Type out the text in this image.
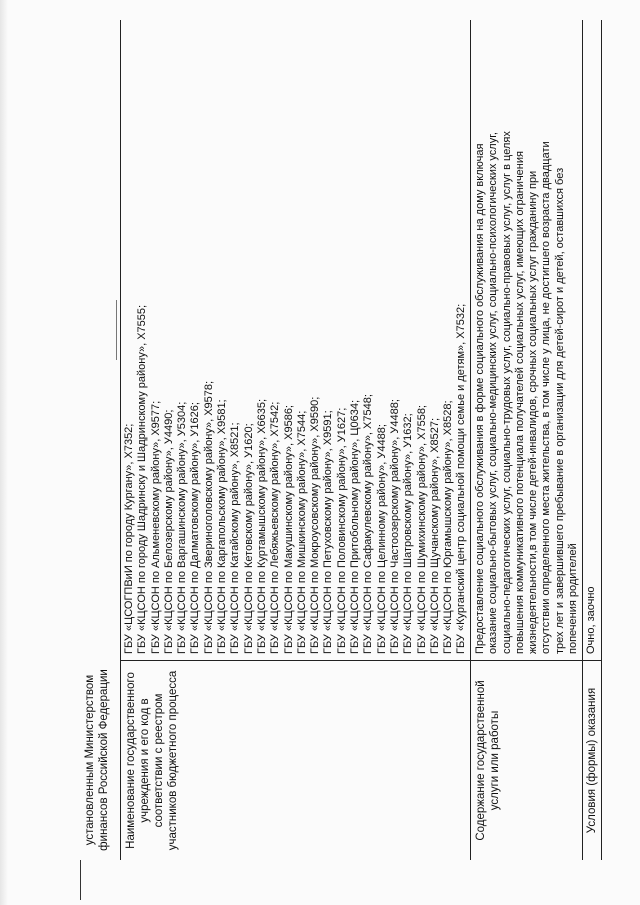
установленным Министерством финансов Российской Федерации	Наименование государственного учреждения и его код в соответствии с реестром участников бюджетного процесса
ГБУ «ЦСОГПВиИ по городу Кургану», Х7352; ГБУ «КЦСОН по городу Шадринску и Шадринскому району», Х7555; ГБУ «КЦСОН по Альменевскому району», Х9577; ГБУ «КЦСОН по Белозерскому району», У4490; ГБУ «КЦСОН по Варгашинскому району», У5304; ГБУ «КЦСОН по Далматовскому району», У1626; ГБУ «КЦСОН по Звериноголовскому району», Х9578; ГБУ «КЦСОН по Каргапольскому району», Х9581; ГБУ «КЦСОН по Катайскому району», Х8521; ГБУ «КЦСОН по Кетовскому району», У1620; ГБУ «КЦСОН по Куртамышскому району», Х6635; ГБУ «КЦСОН по Лебяжьевскому району», Х7542; ГБУ «КЦСОН по Макушинскому району», Х9586; ГБУ «КЦСОН по Мишкинскому району», Х7544; ГБУ «КЦСОН по Мокроусовскому району», Х9590; ГБУ «КЦСОН по Петуховскому району», Х9591; ГБУ «КЦСОН по Половинскому району», У1627; ГБУ «КЦСОН по Притобольному району», Ц0634; ГБУ «КЦСОН по Сафакулевскому району», Х7548; ГБУ «КЦСОН по Целинному району», У4488; ГБУ «КЦСОН по Частоозерскому району», У4488; ГБУ «КЦСОН по Шатровскому району», У1632; ГБУ «КЦСОН по Шумихинскому району», Х7558; ГБУ «КЦСОН по Щучанскому району», Х8527; ГБУ «КЦСОН по Юргамышскому району», Х8528; ГБУ «Курганский центр социальной помощи семье и детям», Х7532;
Содержание государственной услуги или работы
Предоставление социального обслуживания в форме социального обслуживания на дому включая оказание социально-бытовых услуг, социально-медицинских услуг, социально-психологических услуг, социально-педагогических услуг, социально-трудовых услуг, социально-правовых услуг, услуг в целях повышения коммуникативного потенциала получателей социальных услуг, имеющих ограничения жизнедеятельности,в том числе детей-инвалидов, срочных социальных услуг гражданину при отсутствии определенного места жительства, в том числе у лица, не достигшего возраста двадцати трех лет и завершившего пребывание в организации для детей-сирот и детей, оставшихся без попечения родителей
Условия (формы) оказания
Очно, заочно
